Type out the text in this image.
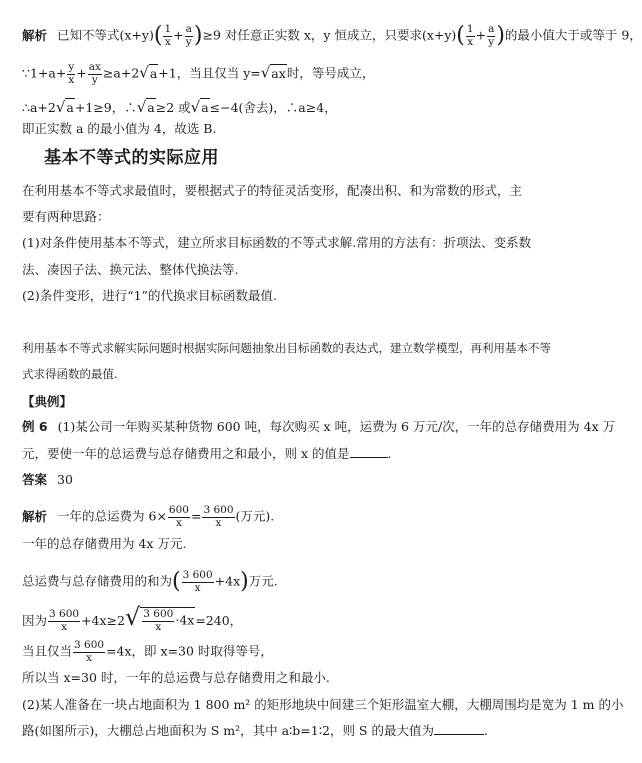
解析 已知不等式$(x+y)( \frac{1}{x} + \frac{a}{y} )\ge 9$ 对任意正实数 x，y 恒成立，只要求$(x+y)( \frac{1}{x} + \frac{a}{y}$ )的最小值大于或等于 9，
∵1+a+ $\frac{y}{x} + \frac{ax}{y} \ge a+2√a+1$，当且仅当 y=√ax时，等号成立，
∴a+2√a+1≥9，∴√a≥2 或√a≤−4(舍去)，∴a≥4，
即正实数 a 的最小值为 4，故选 B.
基本不等式的实际应用
在利用基本不等式求最值时，要根据式子的特征灵活变形，配凑出积、和为常数的形式，主
要有两种思路：
(1)对条件使用基本不等式，建立所求目标函数的不等式求解.常用的方法有：折项法、变系数
法、凑因子法、换元法、整体代换法等.
(2)条件变形，进行“1”的代换求目标函数最值.
利用基本不等式求解实际问题时根据实际问题抽象出目标函数的表达式，建立数学模型，再利用基本不等
式求得函数的最值.
【典例】
例 6 (1)某公司一年购买某种货物 600 吨，每次购买 x 吨，运费为 6 万元/次，一年的总存储费用为 4x 万
元，要使一年的总运费与总存储费用之和最小，则 x 的值是	.
答案 30
解析 一年的总运费为 $6\times \frac{600}{x} = \frac{3 600}{x}$ (万元).
一年的总存储费用为 4x 万元.
总运费与总存储费用的和为( $\frac{3 600}{x} +4x$)万元.
因为 $\frac{3 600}{x} +4x\ge 2√ \frac{3 600}{x} \cdot 4x=240$，
当且仅当 $\frac{3 600}{x} =4x$，即 x=30 时取得等号，
所以当 x=30 时，一年的总运费与总存储费用之和最小.
(2)某人准备在一块占地面积为 1 800 m² 的矩形地块中间建三个矩形温室大棚，大棚周围均是宽为 1 m 的小
路(如图所示)，大棚总占地面积为 S m²，其中 a∶b=1∶2，则 S 的最大值为	.
